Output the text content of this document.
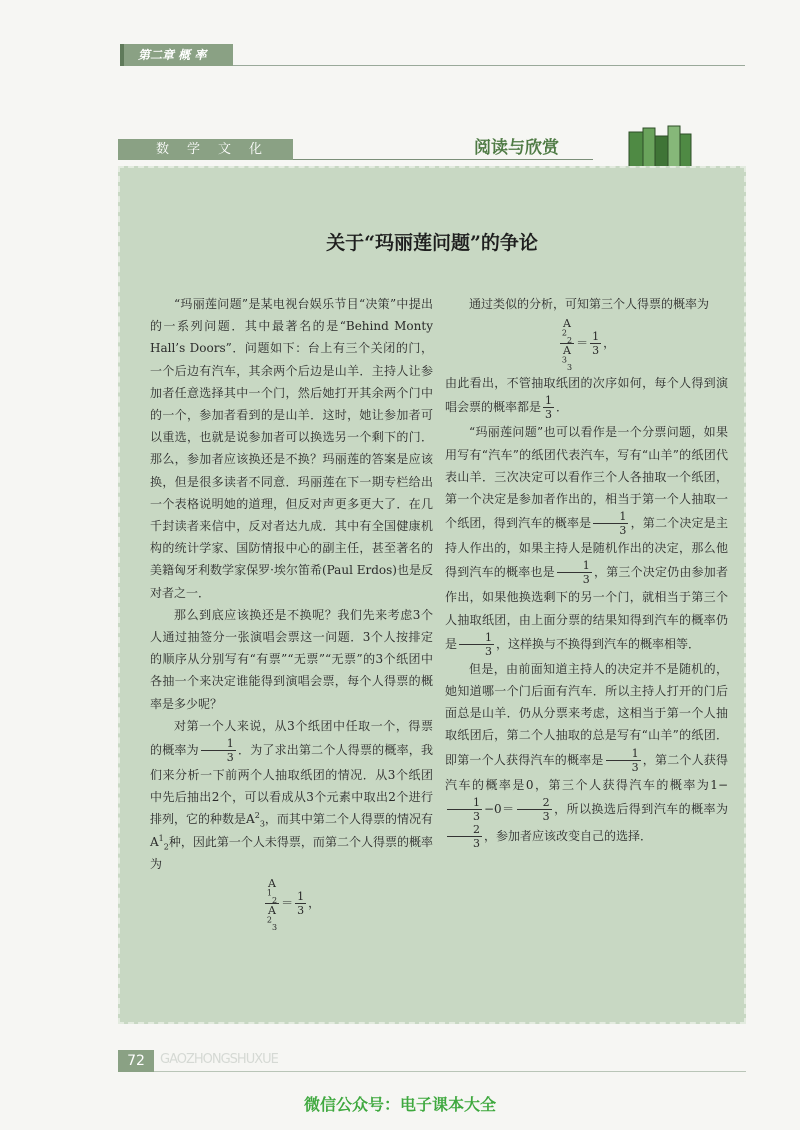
第二章 概 率
数学文化	阅读与欣赏
关于“玛丽莲问题”的争论

“玛丽莲问题”是某电视台娱乐节目“决策”中提出的一系列问题．其中最著名的是“Behind Monty Hall’s Doors”．问题如下：台上有三个关闭的门，一个后边有汽车，其余两个后边是山羊．主持人让参加者任意选择其中一个门，然后她打开其余两个门中的一个，参加者看到的是山羊．这时，她让参加者可以重选，也就是说参加者可以换选另一个剩下的门．那么，参加者应该换还是不换？玛丽莲的答案是应该换，但是很多读者不同意．玛丽莲在下一期专栏给出一个表格说明她的道理，但反对声更多更大了．在几千封读者来信中，反对者达九成．其中有全国健康机构的统计学家、国防情报中心的副主任，甚至著名的美籍匈牙利数学家保罗·埃尔笛希(Paul Erdos)也是反对者之一．

那么到底应该换还是不换呢？我们先来考虑3个人通过抽签分一张演唱会票这一问题．3个人按排定的顺序从分别写有“有票”“无票”“无票”的3个纸团中各抽一个来决定谁能得到演唱会票，每个人得票的概率是多少呢？

对第一个人来说，从3个纸团中任取一个，得票的概率为 $\frac{1}{3}$ ．为了求出第二个人得票的概率，我们来分析一下前两个人抽取纸团的情况．从3个纸团中先后抽出2个，可以看成从3个元素中取出2个进行排列，它的种数是$A^2_3$，而其中第二个人得票的情况有$A^1_2$种，因此第一个人未得票，而第二个人得票的概率为

A
$^1_2$
A
$^2_3 = \frac{1}{3}$ ，

通过类似的分析，可知第三个人得票的概率为

A
$^2_2$
A
$^3_3 = \frac{1}{3}$ ，

由此看出，不管抽取纸团的次序如何，每个人得到演唱会票的概率都是 $\frac{1}{3}$ ．

“玛丽莲问题”也可以看作是一个分票问题，如果用写有“汽车”的纸团代表汽车，写有“山羊”的纸团代表山羊．三次决定可以看作三个人各抽取一个纸团，第一个决定是参加者作出的，相当于第一个人抽取一个纸团，得到汽车的概率是 $\frac{1}{3}$ ，第二个决定是主持人作出的，如果主持人是随机作出的决定，那么他得到汽车的概率也是 $\frac{1}{3}$ ，第三个决定仍由参加者作出，如果他换选剩下的另一个门，就相当于第三个人抽取纸团，由上面分票的结果知得到汽车的概率仍是 $\frac{1}{3}$ ，这样换与不换得到汽车的概率相等．

但是，由前面知道主持人的决定并不是随机的，她知道哪一个门后面有汽车．所以主持人打开的门后面总是山羊．仍从分票来考虑，这相当于第一个人抽取纸团后，第二个人抽取的总是写有“山羊”的纸团．即第一个人获得汽车的概率是 $\frac{1}{3}$ ，第二个人获得汽车的概率是0，第三个人获得汽车的概率为1−
$\frac{1}{3} -0= \frac{2}{3}$ ，所以换选后得到汽车的概率为
$\frac{2}{3}$ ，参加者应该改变自己的选择．

72	GAOZHONGSHUXUE
微信公众号：电子课本大全
